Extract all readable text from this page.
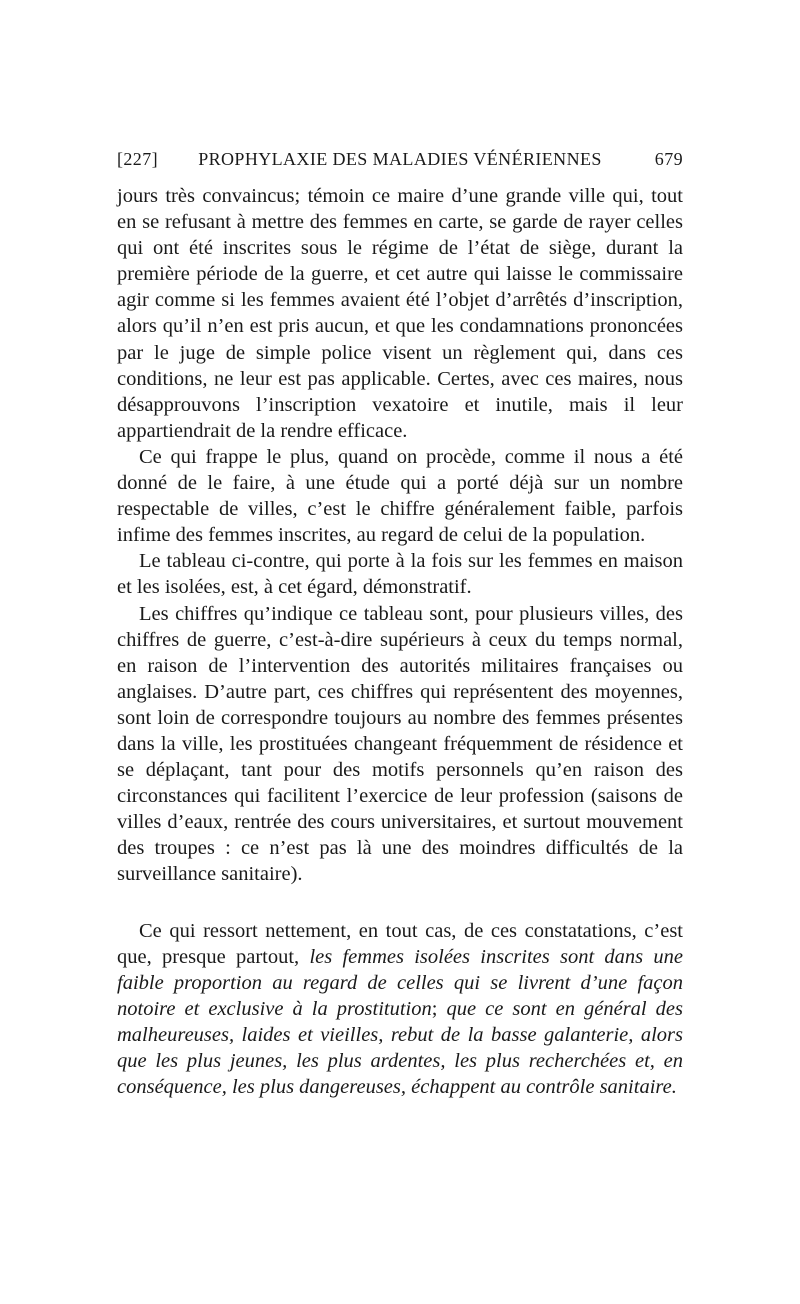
[227]	PROPHYLAXIE DES MALADIES VÉNÉRIENNES	679

jours très convaincus; témoin ce maire d’une grande ville qui, tout en se refusant à mettre des femmes en carte, se garde de rayer celles qui ont été inscrites sous le régime de l’état de siège, durant la première période de la guerre, et cet autre qui laisse le commissaire agir comme si les femmes avaient été l’objet d’arrêtés d’inscription, alors qu’il n’en est pris aucun, et que les condamnations prononcées par le juge de simple police visent un règlement qui, dans ces conditions, ne leur est pas applicable. Certes, avec ces maires, nous désapprouvons l’inscription vexatoire et inutile, mais il leur appartiendrait de la rendre efficace.

Ce qui frappe le plus, quand on procède, comme il nous a été donné de le faire, à une étude qui a porté déjà sur un nombre respectable de villes, c’est le chiffre généralement faible, parfois infime des femmes inscrites, au regard de celui de la population.

Le tableau ci-contre, qui porte à la fois sur les femmes en maison et les isolées, est, à cet égard, démonstratif.

Les chiffres qu’indique ce tableau sont, pour plusieurs villes, des chiffres de guerre, c’est-à-dire supérieurs à ceux du temps normal, en raison de l’intervention des autorités militaires françaises ou anglaises. D’autre part, ces chiffres qui représentent des moyennes, sont loin de correspondre toujours au nombre des femmes présentes dans la ville, les prostituées changeant fréquemment de résidence et se déplaçant, tant pour des motifs personnels qu’en raison des circonstances qui facilitent l’exercice de leur profession (saisons de villes d’eaux, rentrée des cours universitaires, et surtout mouvement des troupes : ce n’est pas là une des moindres difficultés de la surveillance sanitaire).

Ce qui ressort nettement, en tout cas, de ces constatations, c’est que, presque partout, les femmes isolées inscrites sont dans une faible proportion au regard de celles qui se livrent d’une façon notoire et exclusive à la prostitution; que ce sont en général des malheureuses, laides et vieilles, rebut de la basse galanterie, alors que les plus jeunes, les plus ardentes, les plus recherchées et, en conséquence, les plus dangereuses, échappent au contrôle sanitaire.
